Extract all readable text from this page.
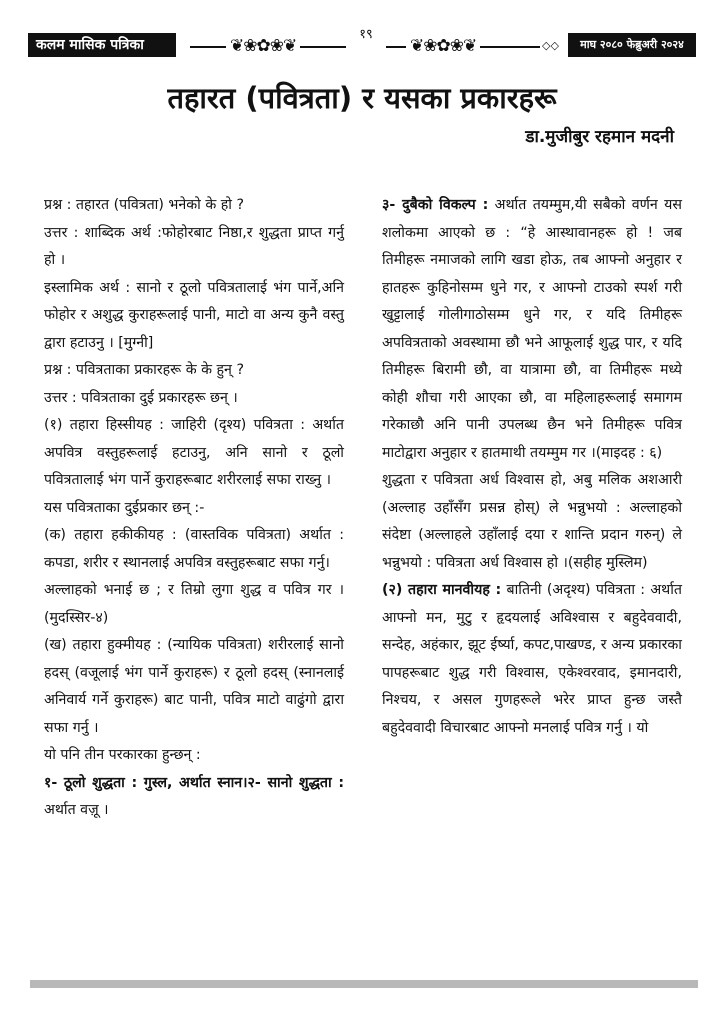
कलम मासिक पत्रिका	❦❀✿❀❦
१९
❦❀✿❀❦	◇◇	माघ २०८० फेब्रुअरी २०२४
तहारत (पवित्रता) र यसका प्रकारहरू
डा.मुजीबुर रहमान मदनी

प्रश्न : तहारत (पवित्रता) भनेको के हो ?

उत्तर : शाब्दिक अर्थ :फोहोरबाट निष्ठा,र शुद्धता प्राप्त गर्नु हो ।

इस्लामिक अर्थ : सानो र ठूलो पवित्रतालाई भंग पार्ने,अनि फोहोर र अशुद्ध कुराहरूलाई पानी, माटो वा अन्य कुनै वस्तु द्वारा हटाउनु । [मुग्नी]

प्रश्न : पवित्रताका प्रकारहरू के के हुन् ?

उत्तर : पवित्रताका दुई प्रकारहरू छन् ।

(१) तहारा हिस्सीयह : जाहिरी (दृश्य) पवित्रता : अर्थात अपवित्र वस्तुहरूलाई हटाउनु, अनि सानो र ठूलो पवित्रतालाई भंग पार्ने कुराहरूबाट शरीरलाई सफा राख्नु ।

यस पवित्रताका दुईप्रकार छन् :-

(क) तहारा हकीकीयह : (वास्तविक पवित्रता) अर्थात : कपडा, शरीर र स्थानलाई अपवित्र वस्तुहरूबाट सफा गर्नु।

अल्लाहको भनाई छ ; र तिम्रो लुगा शुद्ध व पवित्र गर । (मुदस्सिर-४)

(ख) तहारा हुक्मीयह : (न्यायिक पवित्रता) शरीरलाई सानो हदस् (वजूलाई भंग पार्ने कुराहरू) र ठूलो हदस् (स्नानलाई अनिवार्य गर्ने कुराहरू) बाट पानी, पवित्र माटो वाढुंगो द्वारा सफा गर्नु ।

यो पनि तीन परकारका हुन्छन् :

१- ठूलो शुद्धता : गुस्ल, अर्थात स्नान।२- सानो शुद्धता : अर्थात वज़ू ।

३- दुबैको विकल्प : अर्थात तयम्मुम,यी सबैको वर्णन यस शलोकमा आएको छ : “हे आस्थावानहरू हो ! जब तिमीहरू नमाजको लागि खडा होऊ, तब आफ्नो अनुहार र हातहरू कुहिनोसम्म धुने गर, र आफ्नो टाउको स्पर्श गरी खुट्टालाई गोलीगाठोसम्म धुने गर, र यदि तिमीहरू अपवित्रताको अवस्थामा छौ भने आफूलाई शुद्ध पार, र यदि तिमीहरू बिरामी छौ, वा यात्रामा छौ, वा तिमीहरू मध्ये कोही शौचा गरी आएका छौ, वा महिलाहरूलाई समागम गरेकाछौ अनि पानी उपलब्ध छैन भने तिमीहरू पवित्र माटोद्वारा अनुहार र हातमाथी तयम्मुम गर ।(माइदह : ६)

शुद्धता र पवित्रता अर्ध विश्वास हो, अबु मलिक अशआरी (अल्लाह उहाँसँग प्रसन्न होस्) ले भन्नुभयो : अल्लाहको संदेष्टा (अल्लाहले उहाँलाई दया र शान्ति प्रदान गरुन्) ले भन्नुभयो : पवित्रता अर्ध विश्वास हो ।(सहीह मुस्लिम)

(२) तहारा मानवीयह : बातिनी (अदृश्य) पवित्रता : अर्थात आफ्नो मन, मुटु र हृदयलाई अविश्वास र बहुदेववादी, सन्देह, अहंकार, झूट ईर्ष्या, कपट,पाखण्ड, र अन्य प्रकारका पापहरूबाट शुद्ध गरी विश्वास, एकेश्वरवाद, इमानदारी, निश्चय, र असल गुणहरूले भरेर प्राप्त हुन्छ जस्तै बहुदेववादी विचारबाट आफ्नो मनलाई पवित्र गर्नु । यो
